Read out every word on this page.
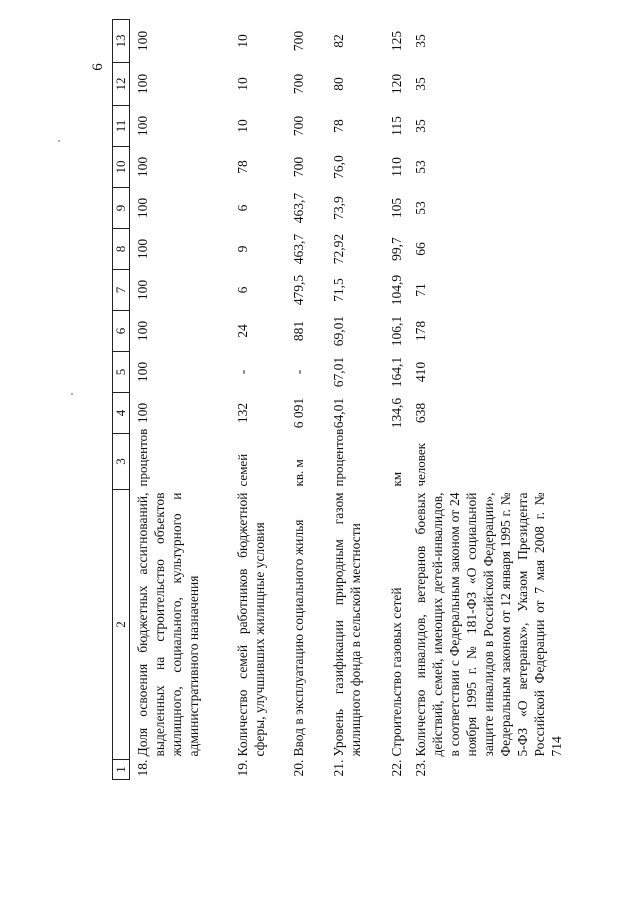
6
1	2	3	4	5	6	7	8	9	10	11	12	13
18.	Доля освоения бюджетных ассигнований, выделенных на строительство объектов жилищного, социального, культурного и административного назначения	процентов	100	100	100	100	100	100	100	100	100	100
19.	Количество семей работников бюджетной сферы, улучшивших жилищные условия	семей	132	-	24	6	9	6	78	10	10	10
20.	Ввод в эксплуатацию социального жилья	кв. м	6 091	-	881	479,5	463,7	463,7	700	700	700	700
21.	Уровень газификации природным газом жилищного фонда в сельской местности	процентов	64,01	67,01	69,01	71,5	72,92	73,9	76,0	78	80	82
22.	Строительство газовых сетей	км	134,6	164,1	106,1	104,9	99,7	105	110	115	120	125
23.	Количество инвалидов, ветеранов боевых действий, семей, имеющих детей-инвалидов, в соответствии с Федеральным законом от 24 ноября 1995 г. № 181-ФЗ «О социальной защите инвалидов в Российской Федерации», Федеральным законом от 12 января 1995 г. № 5-ФЗ «О ветеранах», Указом Президента Российской Федерации от 7 мая 2008 г. № 714	человек	638	410	178	71	66	53	53	35	35	35
